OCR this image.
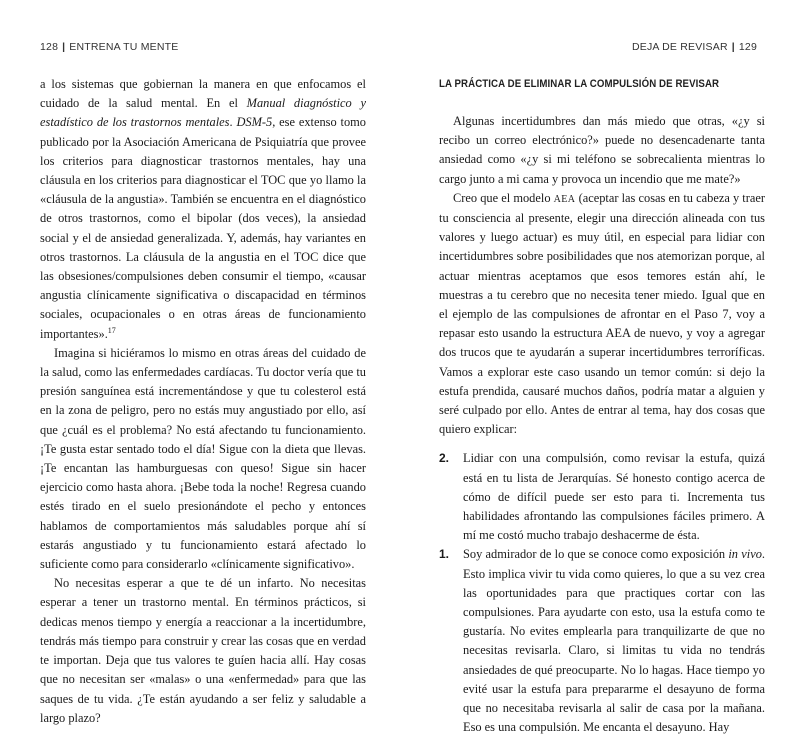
128 | ENTRENA TU MENTE

a los sistemas que gobiernan la manera en que enfocamos el cuidado de la salud mental. En el Manual diagnóstico y estadístico de los trastornos mentales. DSM-5, ese extenso tomo publicado por la Asociación Americana de Psiquiatría que provee los criterios para diagnosticar trastornos mentales, hay una cláusula en los criterios para diagnosticar el TOC que yo llamo la «cláusula de la angustia». También se encuentra en el diagnóstico de otros trastornos, como el bipolar (dos veces), la ansiedad social y el de ansiedad generalizada. Y, además, hay variantes en otros trastornos. La cláusula de la angustia en el TOC dice que las obsesiones/compulsiones deben consumir el tiempo, «causar angustia clínicamente significativa o discapacidad en términos sociales, ocupacionales o en otras áreas de funcionamiento importantes».$^{17}$

Imagina si hiciéramos lo mismo en otras áreas del cuidado de la salud, como las enfermedades cardíacas. Tu doctor vería que tu presión sanguínea está incrementándose y que tu colesterol está en la zona de peligro, pero no estás muy angustiado por ello, así que ¿cuál es el problema? No está afectando tu funcionamiento. ¡Te gusta estar sentado todo el día! Sigue con la dieta que llevas. ¡Te encantan las hamburguesas con queso! Sigue sin hacer ejercicio como hasta ahora. ¡Bebe toda la noche! Regresa cuando estés tirado en el suelo presionándote el pecho y entonces hablamos de comportamientos más saludables porque ahí sí estarás angustiado y tu funcionamiento estará afectado lo suficiente como para considerarlo «clínicamente significativo».

No necesitas esperar a que te dé un infarto. No necesitas esperar a tener un trastorno mental. En términos prácticos, si dedicas menos tiempo y energía a reaccionar a la incertidumbre, tendrás más tiempo para construir y crear las cosas que en verdad te importan. Deja que tus valores te guíen hacia allí. Hay cosas que no necesitan ser «malas» o una «enfermedad» para que las saques de tu vida. ¿Te están ayudando a ser feliz y saludable a largo plazo?

DEJA DE REVISAR | 129
LA PRÁCTICA DE ELIMINAR LA COMPULSIÓN DE REVISAR

Algunas incertidumbres dan más miedo que otras, «¿y si recibo un correo electrónico?» puede no desencadenarte tanta ansiedad como «¿y si mi teléfono se sobrecalienta mientras lo cargo junto a mi cama y provoca un incendio que me mate?»

Creo que el modelo AEA (aceptar las cosas en tu cabeza y traer tu consciencia al presente, elegir una dirección alineada con tus valores y luego actuar) es muy útil, en especial para lidiar con incertidumbres sobre posibilidades que nos atemorizan porque, al actuar mientras aceptamos que esos temores están ahí, le muestras a tu cerebro que no necesita tener miedo. Igual que en el ejemplo de las compulsiones de afrontar en el Paso 7, voy a repasar esto usando la estructura AEA de nuevo, y voy a agregar dos trucos que te ayudarán a superar incertidumbres terroríficas. Vamos a explorar este caso usando un temor común: si dejo la estufa prendida, causaré muchos daños, podría matar a alguien y seré culpado por ello. Antes de entrar al tema, hay dos cosas que quiero explicar:

2. Lidiar con una compulsión, como revisar la estufa, quizá está en tu lista de Jerarquías. Sé honesto contigo acerca de cómo de difícil puede ser esto para ti. Incrementa tus habilidades afrontando las compulsiones fáciles primero. A mí me costó mucho trabajo deshacerme de ésta.

1. Soy admirador de lo que se conoce como exposición in vivo. Esto implica vivir tu vida como quieres, lo que a su vez crea las oportunidades para que practiques cortar con las compulsiones. Para ayudarte con esto, usa la estufa como te gustaría. No evites emplearla para tranquilizarte de que no necesitas revisarla. Claro, si limitas tu vida no tendrás ansiedades de qué preocuparte. No lo hagas. Hace tiempo yo evité usar la estufa para prepararme el desayuno de forma que no necesitaba revisarla al salir de casa por la mañana. Eso es una compulsión. Me encanta el desayuno. Hay
